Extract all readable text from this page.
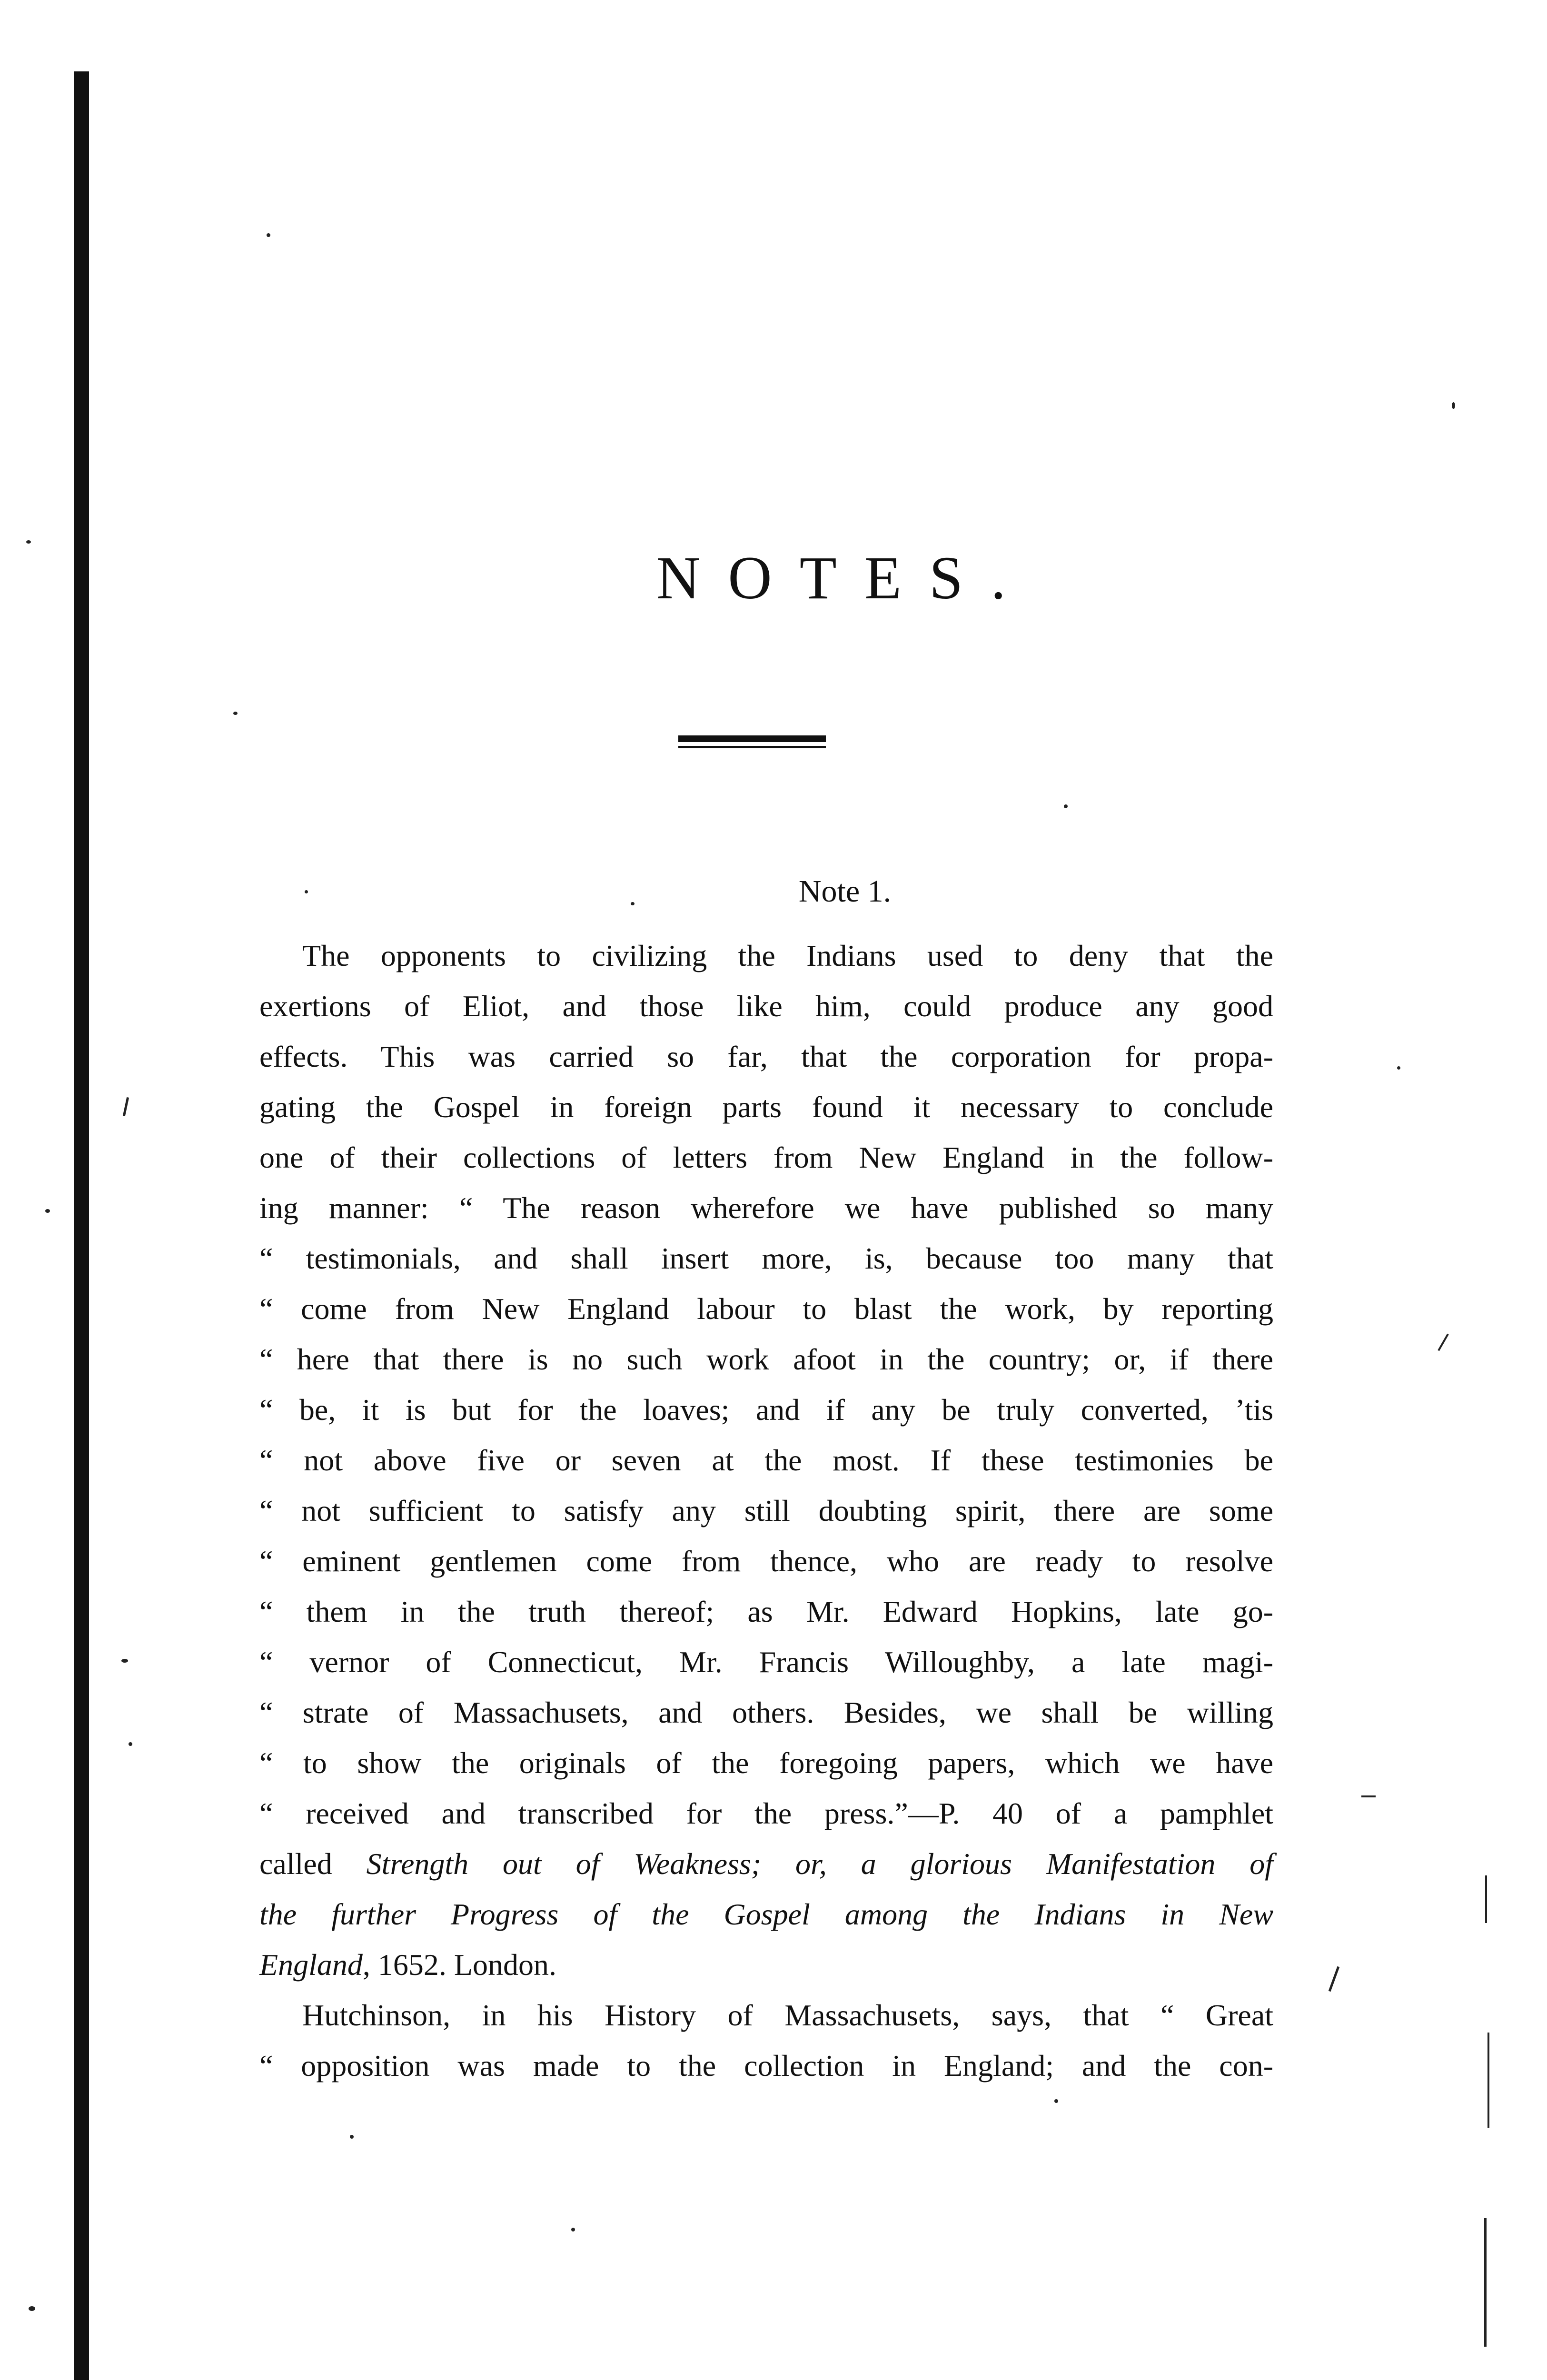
NOTES.
Note 1.
The opponents to civilizing the Indians used to deny that the
exertions of Eliot, and those like him, could produce any good
effects. This was carried so far, that the corporation for propa-
gating the Gospel in foreign parts found it necessary to conclude
one of their collections of letters from New England in the follow-
ing manner: “ The reason wherefore we have published so many
“ testimonials, and shall insert more, is, because too many that
“ come from New England labour to blast the work, by reporting
“ here that there is no such work afoot in the country; or, if there
“ be, it is but for the loaves; and if any be truly converted, ’tis
“ not above five or seven at the most. If these testimonies be
“ not sufficient to satisfy any still doubting spirit, there are some
“ eminent gentlemen come from thence, who are ready to resolve
“ them in the truth thereof; as Mr. Edward Hopkins, late go-
“ vernor of Connecticut, Mr. Francis Willoughby, a late magi-
“ strate of Massachusets, and others. Besides, we shall be willing
“ to show the originals of the foregoing papers, which we have
“ received and transcribed for the press.”—P. 40 of a pamphlet
called Strength out of Weakness; or, a glorious Manifestation of
the further Progress of the Gospel among the Indians in New
England, 1652. London.
Hutchinson, in his History of Massachusets, says, that “ Great
“ opposition was made to the collection in England; and the con-
